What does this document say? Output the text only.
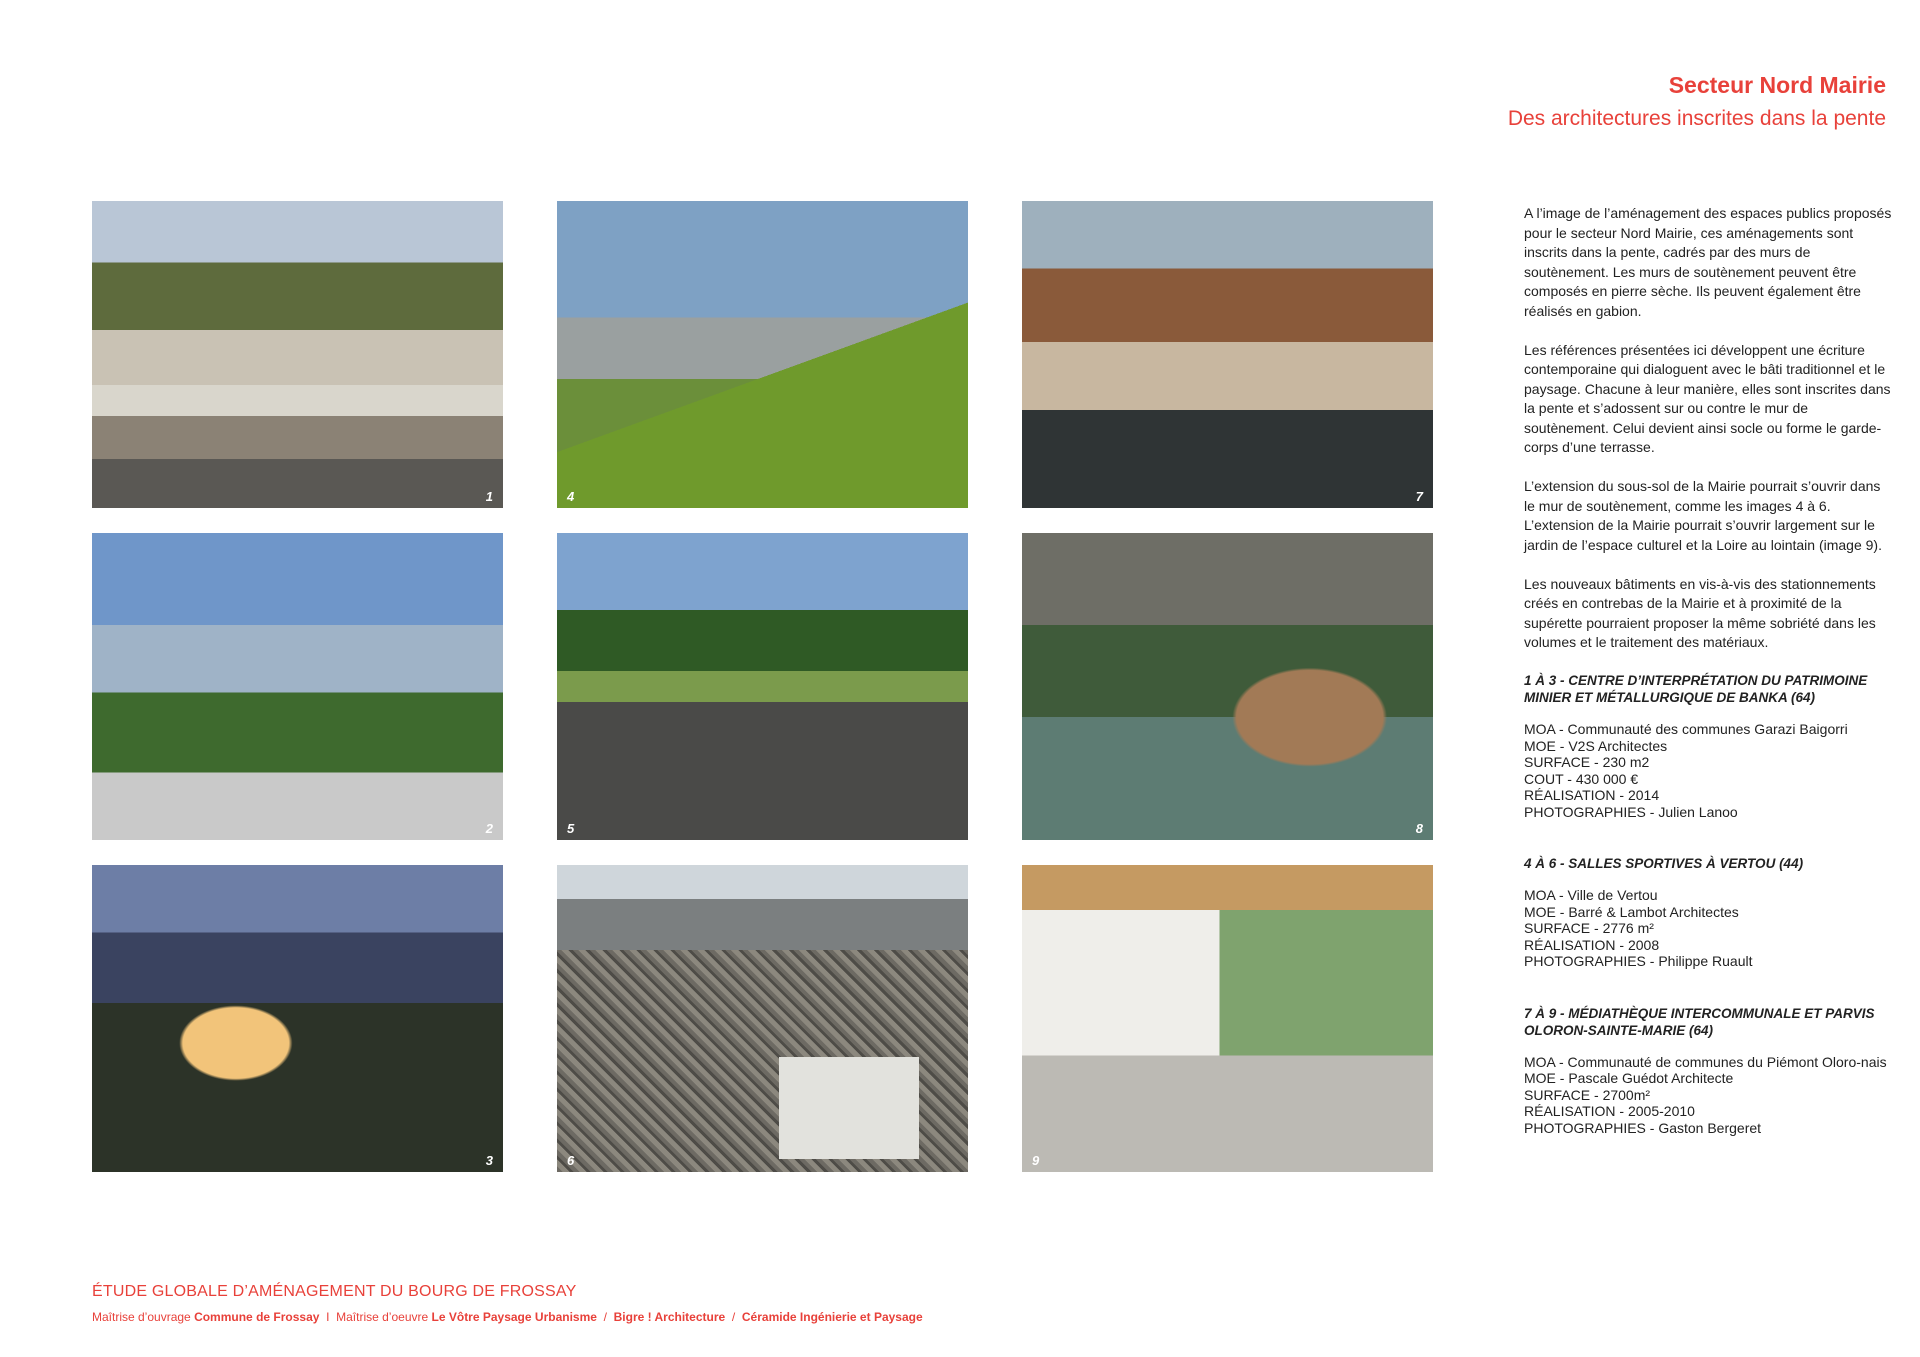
Secteur Nord Mairie
Des architectures inscrites dans la pente
1	4	7
2	5	8
3	6	9

A l’image de l’aménagement des espaces publics proposés pour le secteur Nord Mairie, ces aménagements sont inscrits dans la pente, cadrés par des murs de soutènement. Les murs de soutènement peuvent être composés en pierre sèche. Ils peuvent également être réalisés en gabion.

Les références présentées ici développent une écriture contemporaine qui dialoguent avec le bâti traditionnel et le paysage. Chacune à leur manière, elles sont inscrites dans la pente et s’adossent sur ou contre le mur de soutènement. Celui devient ainsi socle ou forme le garde-corps d’une terrasse.

L’extension du sous-sol de la Mairie pourrait s’ouvrir dans le mur de soutènement, comme les images 4 à 6. L’extension de la Mairie pourrait s’ouvrir largement sur le jardin de l’espace culturel et la Loire au lointain (image 9).

Les nouveaux bâtiments en vis-à-vis des stationnements créés en contrebas de la Mairie et à proximité de la supérette pourraient proposer la même sobriété dans les volumes et le traitement des matériaux.

1 À 3 - CENTRE D’INTERPRÉTATION DU PATRIMOINE MINIER ET MÉTALLURGIQUE DE BANKA (64)
MOA - Communauté des communes Garazi Baigorri
MOE - V2S Architectes
SURFACE - 230 m2
COUT - 430 000 €
RÉALISATION - 2014
PHOTOGRAPHIES - Julien Lanoo
4 À 6 - SALLES SPORTIVES À VERTOU (44)
MOA - Ville de Vertou
MOE - Barré & Lambot Architectes
SURFACE - 2776 m²
RÉALISATION - 2008
PHOTOGRAPHIES - Philippe Ruault
7 À 9 - MÉDIATHÈQUE INTERCOMMUNALE ET PARVIS OLORON-SAINTE-MARIE (64)
MOA - Communauté de communes du Piémont Oloro-nais
MOE - Pascale Guédot Architecte
SURFACE - 2700m²
RÉALISATION - 2005-2010
PHOTOGRAPHIES - Gaston Bergeret
ÉTUDE GLOBALE D’AMÉNAGEMENT DU BOURG DE FROSSAY
Maîtrise d’ouvrage Commune de Frossay I Maîtrise d’oeuvre Le Vôtre Paysage Urbanisme / Bigre ! Architecture / Céramide Ingénierie et Paysage
